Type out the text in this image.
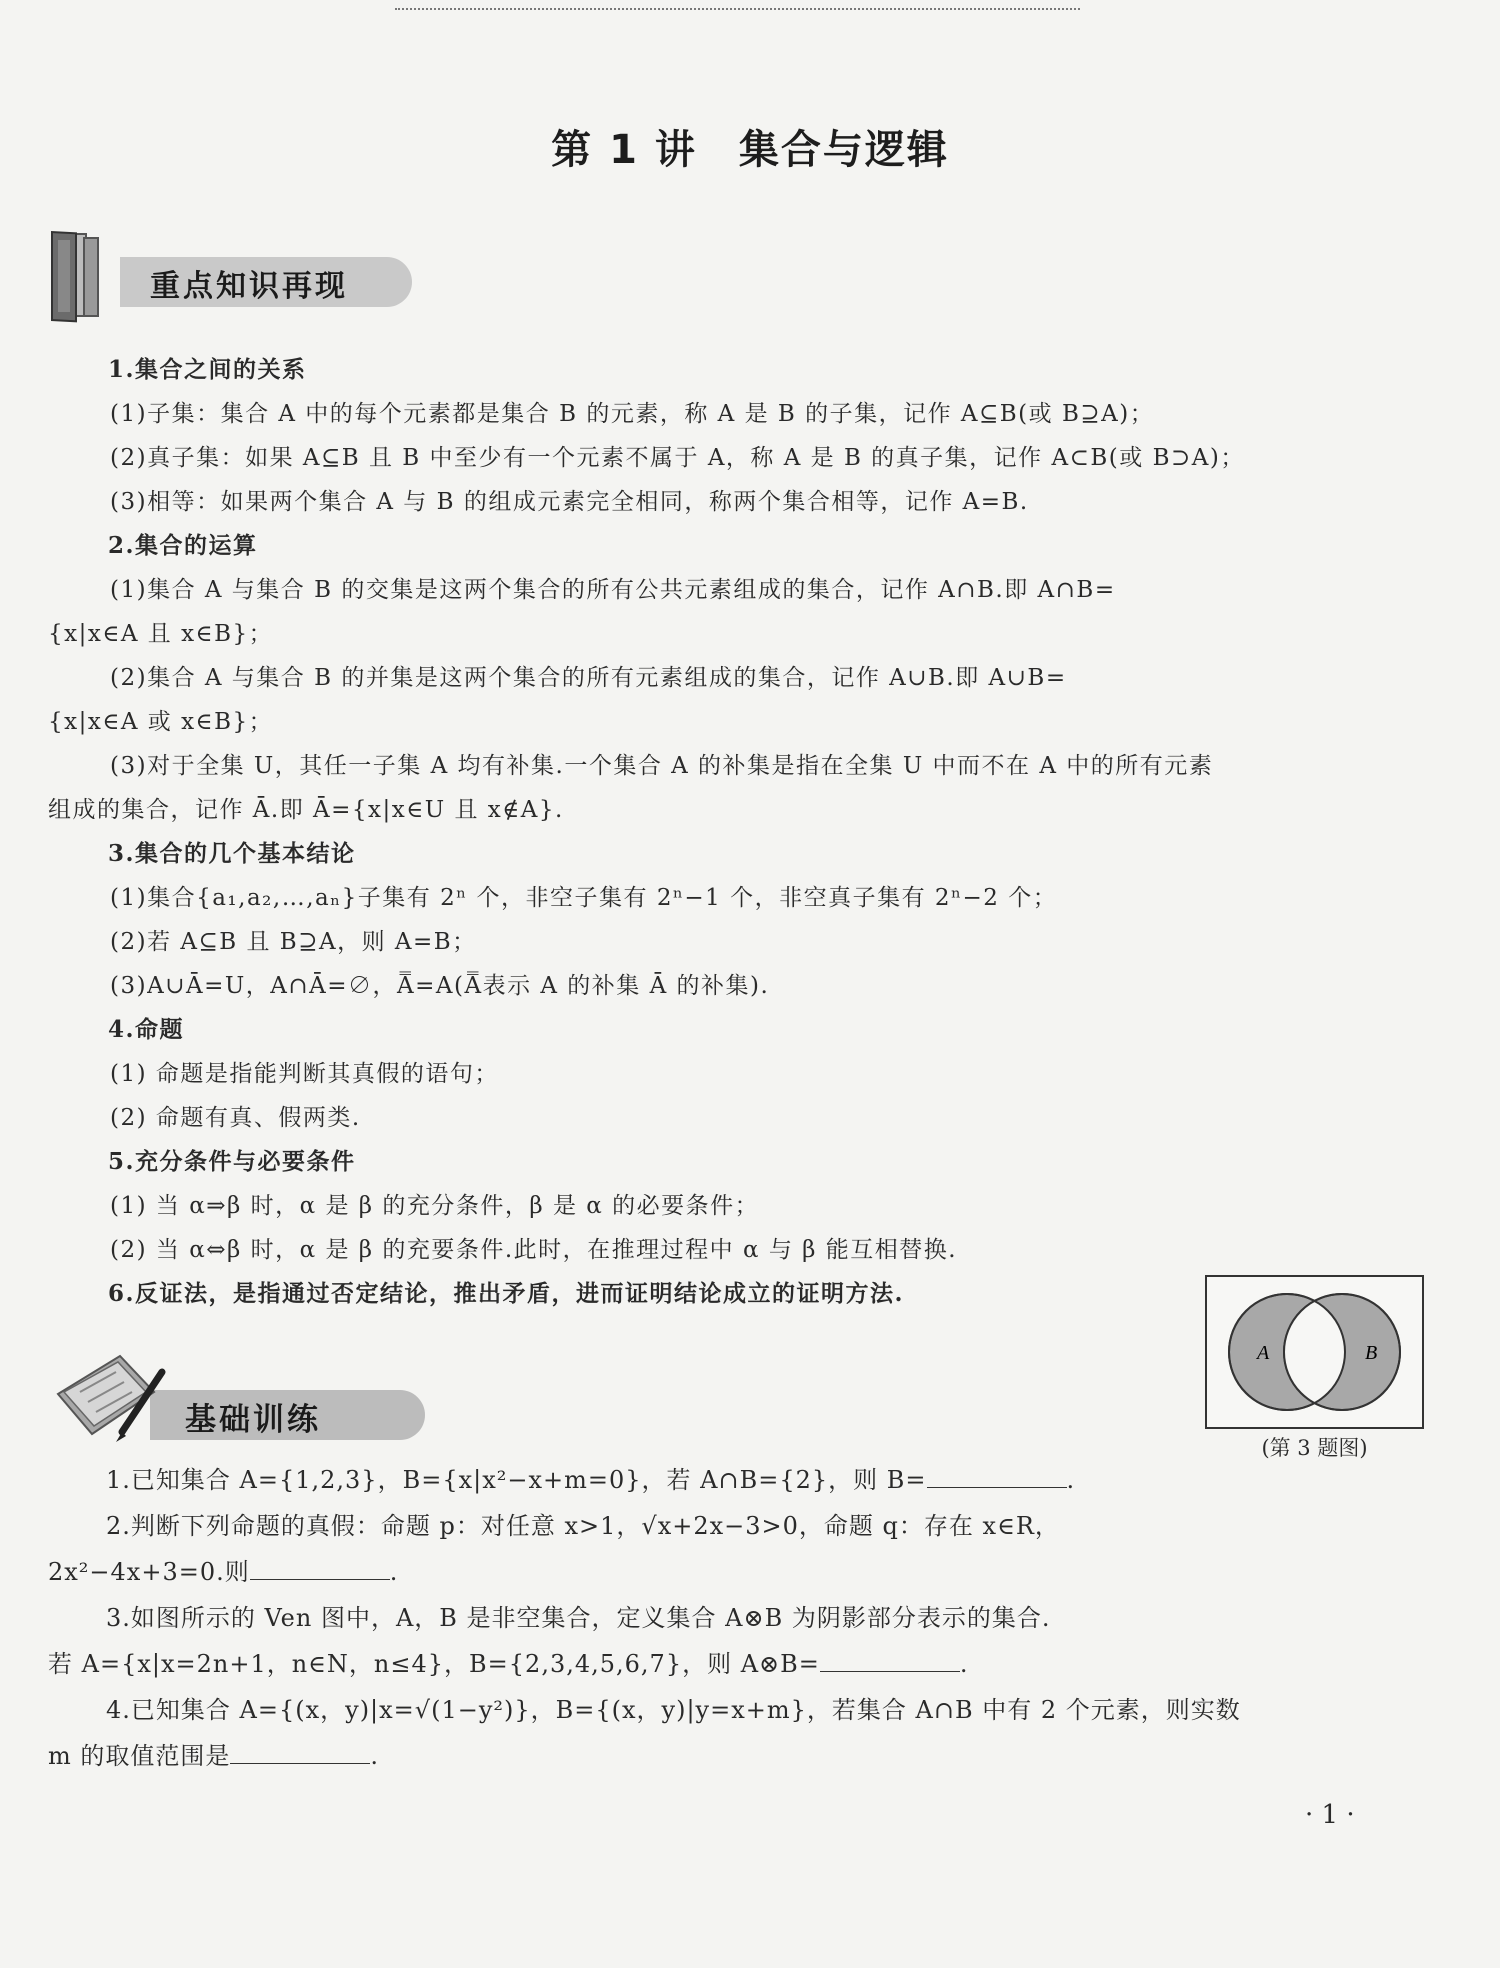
第 1 讲　集合与逻辑
重点知识再现

1.集合之间的关系

(1)子集：集合 A 中的每个元素都是集合 B 的元素，称 A 是 B 的子集，记作 A⊆B(或 B⊇A)；

(2)真子集：如果 A⊆B 且 B 中至少有一个元素不属于 A，称 A 是 B 的真子集，记作 A⊂B(或 B⊃A)；

(3)相等：如果两个集合 A 与 B 的组成元素完全相同，称两个集合相等，记作 A=B.

2.集合的运算

(1)集合 A 与集合 B 的交集是这两个集合的所有公共元素组成的集合，记作 A∩B.即 A∩B=

{x|x∈A 且 x∈B}；

(2)集合 A 与集合 B 的并集是这两个集合的所有元素组成的集合，记作 A∪B.即 A∪B=

{x|x∈A 或 x∈B}；

(3)对于全集 U，其任一子集 A 均有补集.一个集合 A 的补集是指在全集 U 中而不在 A 中的所有元素

组成的集合，记作 Ā.即 Ā={x|x∈U 且 x∉A}.

3.集合的几个基本结论

(1)集合{a₁,a₂,…,aₙ}子集有 2ⁿ 个，非空子集有 2ⁿ−1 个，非空真子集有 2ⁿ−2 个；

(2)若 A⊆B 且 B⊇A，则 A=B；

(3)A∪Ā=U，A∩Ā=∅，A̿=A(A̿表示 A 的补集 Ā 的补集).

4.命题

(1) 命题是指能判断其真假的语句；

(2) 命题有真、假两类.

5.充分条件与必要条件

(1) 当 α⇒β 时，α 是 β 的充分条件，β 是 α 的必要条件；

(2) 当 α⇔β 时，α 是 β 的充要条件.此时，在推理过程中 α 与 β 能互相替换.

6.反证法，是指通过否定结论，推出矛盾，进而证明结论成立的证明方法.

基础训练

1.已知集合 A={1,2,3}，B={x|x²−x+m=0}，若 A∩B={2}，则 B=	.

2.判断下列命题的真假：命题 p：对任意 x>1，√x+2x−3>0，命题 q：存在 x∈R，

2x²−4x+3=0.则	.

3.如图所示的 Ven 图中，A，B 是非空集合，定义集合 A⊗B 为阴影部分表示的集合.

若 A={x|x=2n+1，n∈N，n≤4}，B={2,3,4,5,6,7}，则 A⊗B=	.

4.已知集合 A={(x，y)|x=√(1−y²)}，B={(x，y)|y=x+m}，若集合 A∩B 中有 2 个元素，则实数

m 的取值范围是	.

A	B
(第 3 题图)
· 1 ·
